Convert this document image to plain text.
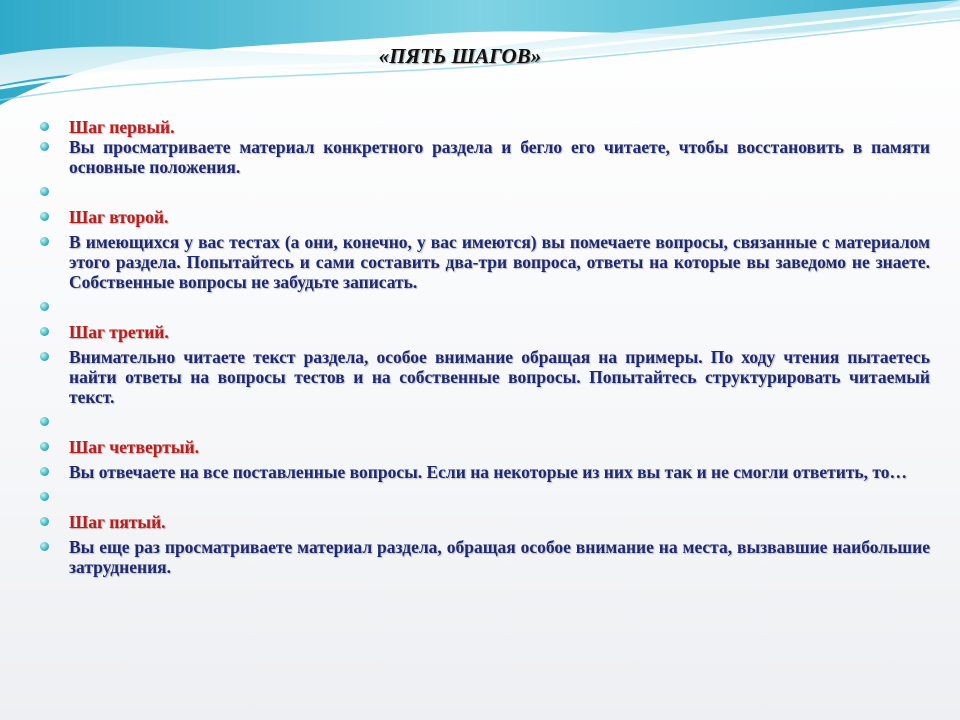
«ПЯТЬ ШАГОВ»
Шаг первый.
Вы просматриваете материал конкретного раздела и бегло его читаете, чтобы восстановить в памяти основные положения.
Шаг второй.
В имеющихся у вас тестах (а они, конечно, у вас имеются) вы помечаете вопросы, связанные с материалом этого раздела. Попытайтесь и сами составить два-три вопроса, ответы на которые вы заведомо не знаете. Собственные вопросы не забудьте записать.
Шаг третий.
Внимательно читаете текст раздела, особое внимание обращая на примеры. По ходу чтения пытаетесь найти ответы на вопросы тестов и на собственные вопросы. Попытайтесь структурировать читаемый текст.
Шаг четвертый.
Вы отвечаете на все поставленные вопросы. Если на некоторые из них вы так и не смогли ответить, то…
Шаг пятый.
Вы еще раз просматриваете материал раздела, обращая особое внимание на места, вызвавшие наибольшие затруднения.
